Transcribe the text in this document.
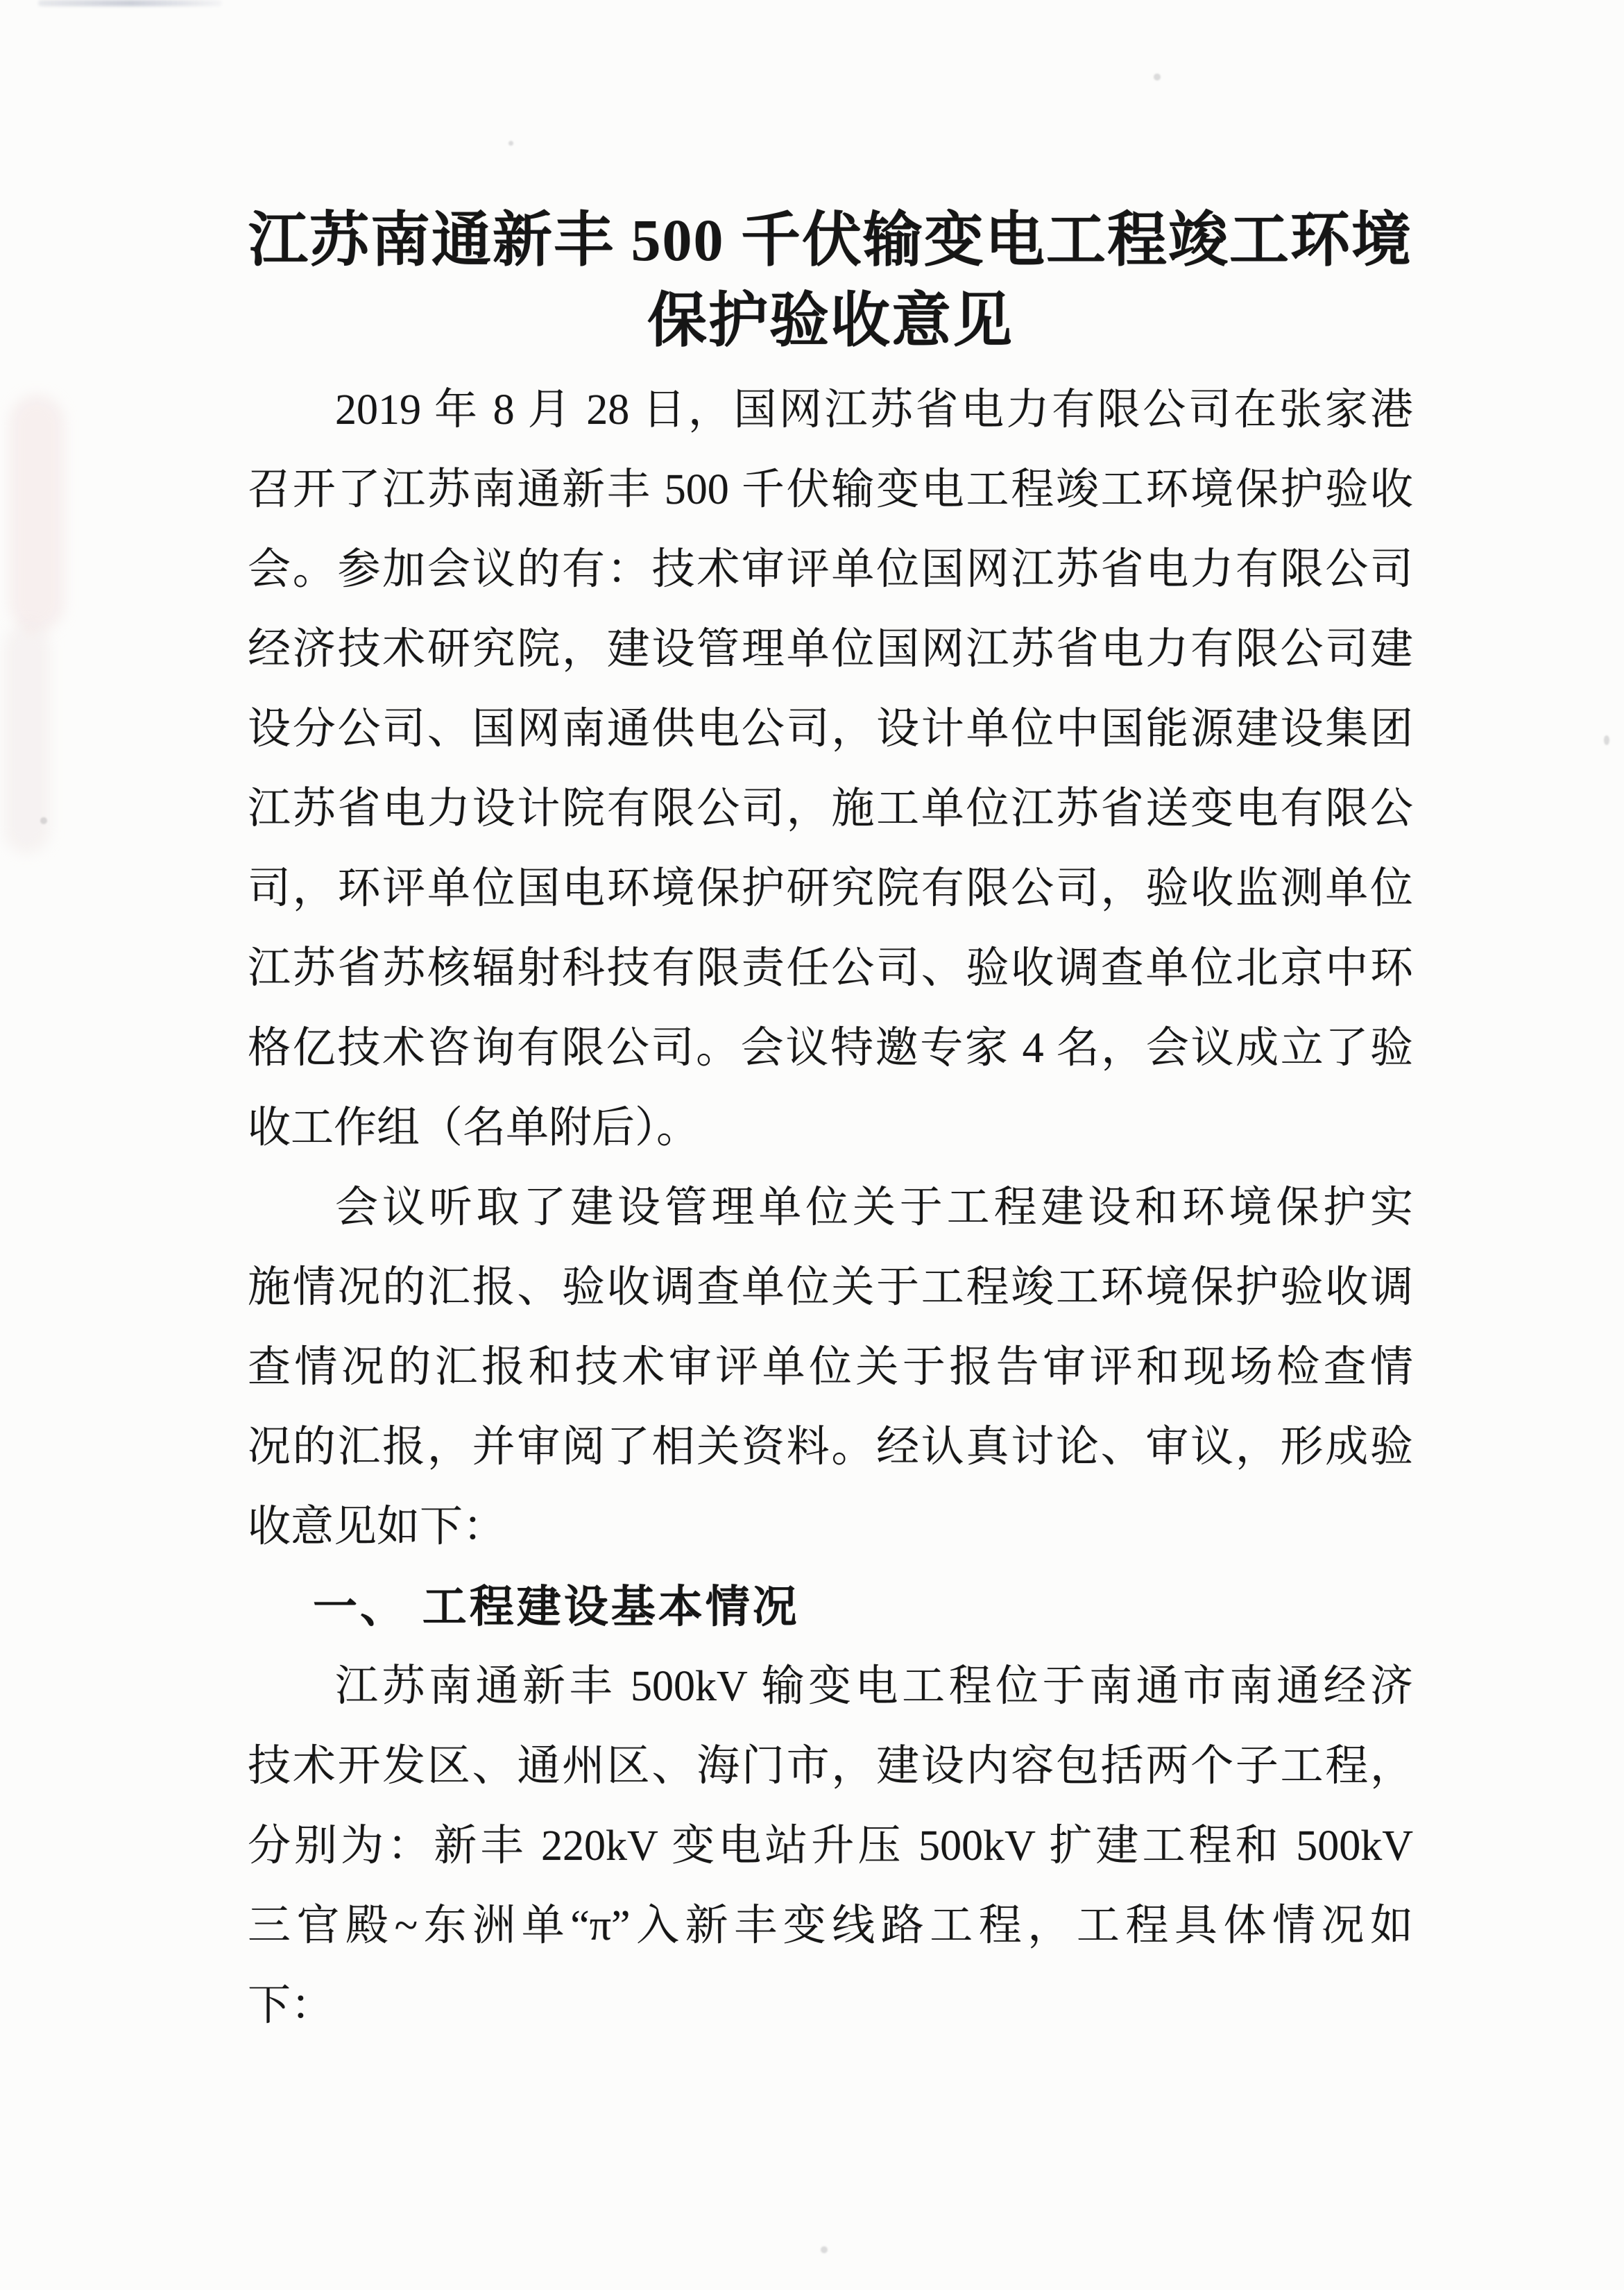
江苏南通新丰 500 千伏输变电工程竣工环境
保护验收意见
2019 年 8 月 28 日，国网江苏省电力有限公司在张家港
召开了江苏南通新丰 500 千伏输变电工程竣工环境保护验收
会。参加会议的有：技术审评单位国网江苏省电力有限公司
经济技术研究院，建设管理单位国网江苏省电力有限公司建
设分公司、国网南通供电公司，设计单位中国能源建设集团
江苏省电力设计院有限公司，施工单位江苏省送变电有限公
司，环评单位国电环境保护研究院有限公司，验收监测单位
江苏省苏核辐射科技有限责任公司、验收调查单位北京中环
格亿技术咨询有限公司。会议特邀专家 4 名，会议成立了验
收工作组（名单附后）。
会议听取了建设管理单位关于工程建设和环境保护实
施情况的汇报、验收调查单位关于工程竣工环境保护验收调
查情况的汇报和技术审评单位关于报告审评和现场检查情
况的汇报，并审阅了相关资料。经认真讨论、审议，形成验
收意见如下：
一、 工程建设基本情况
江苏南通新丰 500kV 输变电工程位于南通市南通经济
技术开发区、通州区、海门市，建设内容包括两个子工程，
分别为：新丰 220kV 变电站升压 500kV 扩建工程和 500kV
三官殿~东洲单“π”入新丰变线路工程，工程具体情况如
下：
